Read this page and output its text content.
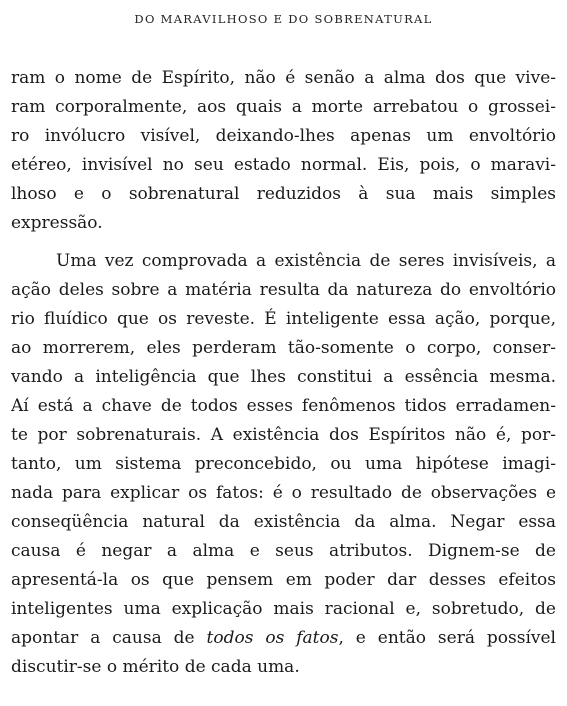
DO MARAVILHOSO E DO SOBRENATURAL
ram o nome de Espírito, não é senão a alma dos que vive-
ram corporalmente, aos quais a morte arrebatou o grossei-
ro invólucro visível, deixando-lhes apenas um envoltório
etéreo, invisível no seu estado normal. Eis, pois, o maravi-
lhoso e o sobrenatural reduzidos à sua mais simples
expressão.
Uma vez comprovada a existência de seres invisíveis, a
ação deles sobre a matéria resulta da natureza do envoltório
rio fluídico que os reveste. É inteligente essa ação, porque,
ao morrerem, eles perderam tão-somente o corpo, conser-
vando a inteligência que lhes constitui a essência mesma.
Aí está a chave de todos esses fenômenos tidos erradamen-
te por sobrenaturais. A existência dos Espíritos não é, por-
tanto, um sistema preconcebido, ou uma hipótese imagi-
nada para explicar os fatos: é o resultado de observações e
conseqüência natural da existência da alma. Negar essa
causa é negar a alma e seus atributos. Dignem-se de
apresentá-la os que pensem em poder dar desses efeitos
inteligentes uma explicação mais racional e, sobretudo, de
apontar a causa de todos os fatos, e então será possível
discutir-se o mérito de cada uma.
